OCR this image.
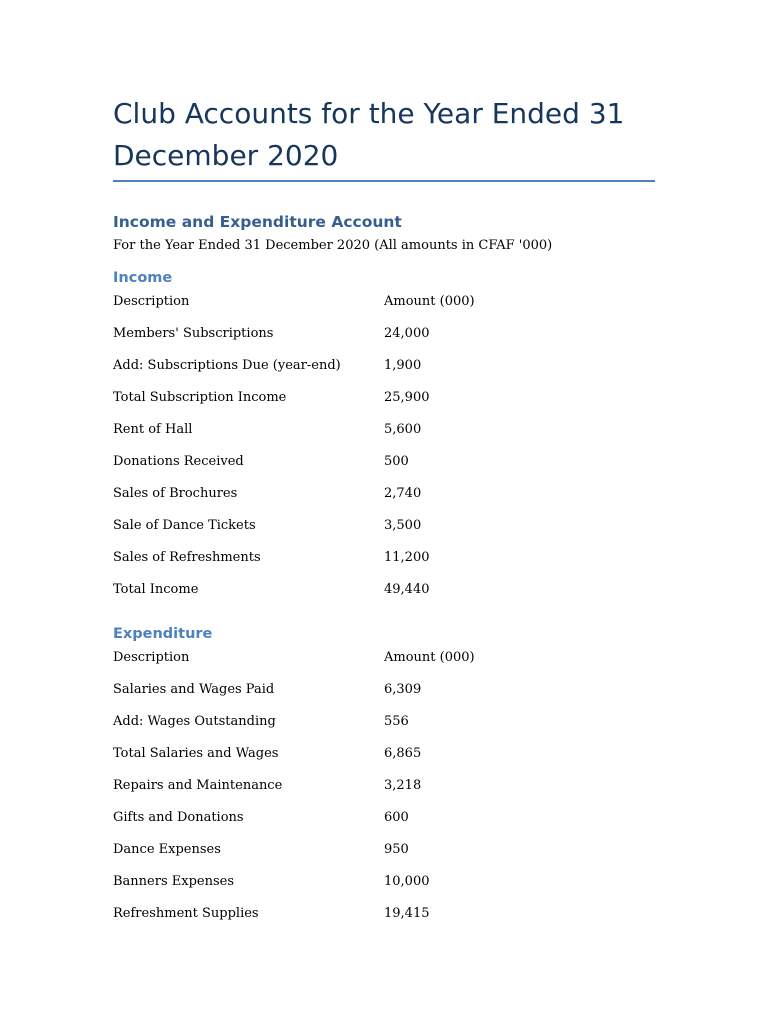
Club Accounts for the Year Ended 31 December 2020
Income and Expenditure Account
For the Year Ended 31 December 2020 (All amounts in CFAF '000)
Income
Description	Amount (000)
Members' Subscriptions	24,000
Add: Subscriptions Due (year-end)	1,900
Total Subscription Income	25,900
Rent of Hall	5,600
Donations Received	500
Sales of Brochures	2,740
Sale of Dance Tickets	3,500
Sales of Refreshments	11,200
Total Income	49,440
Expenditure
Description	Amount (000)
Salaries and Wages Paid	6,309
Add: Wages Outstanding	556
Total Salaries and Wages	6,865
Repairs and Maintenance	3,218
Gifts and Donations	600
Dance Expenses	950
Banners Expenses	10,000
Refreshment Supplies	19,415
